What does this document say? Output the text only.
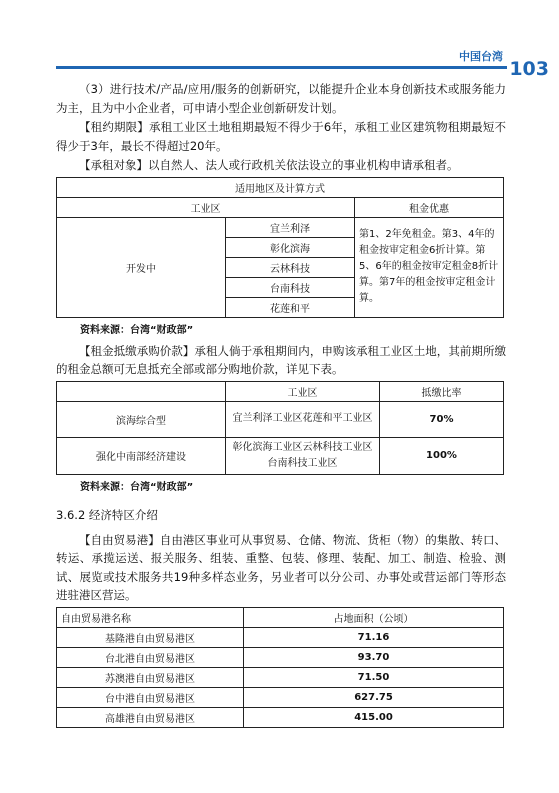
中国台湾
103

（3）进行技术/产品/应用/服务的创新研究，以能提升企业本身创新技术或服务能力为主，且为中小企业者，可申请小型企业创新研发计划。

【租约期限】承租工业区土地租期最短不得少于6年，承租工业区建筑物租期最短不得少于3年，最长不得超过20年。

【承租对象】以自然人、法人或行政机关依法设立的事业机构申请承租者。

适用地区及计算方式		
工业区		租金优惠
开发中	宜兰利泽	第1、2年免租金。第3、4年的租金按审定租金6折计算。第5、6年的租金按审定租金8折计算。第7年的租金按审定租金计算。
	彰化滨海	
	云林科技	
	台南科技	
	花莲和平	
资料来源：台湾“财政部”

【租金抵缴承购价款】承租人倘于承租期间内，申购该承租工业区土地，其前期所缴的租金总额可无息抵充全部或部分购地价款，详见下表。

	工业区	抵缴比率
滨海综合型	宜兰利泽工业区花莲和平工业区	70%
强化中南部经济建设	彰化滨海工业区云林科技工业区台南科技工业区	100%
资料来源：台湾“财政部”
3.6.2 经济特区介绍

【自由贸易港】自由港区事业可从事贸易、仓储、物流、货柜（物）的集散、转口、转运、承揽运送、报关服务、组装、重整、包装、修理、装配、加工、制造、检验、测试、展览或技术服务共19种多样态业务，另业者可以分公司、办事处或营运部门等形态进驻港区营运。

自由贸易港名称	占地面积（公顷）
基隆港自由贸易港区	71.16
台北港自由贸易港区	93.70
苏澳港自由贸易港区	71.50
台中港自由贸易港区	627.75
高雄港自由贸易港区	415.00
